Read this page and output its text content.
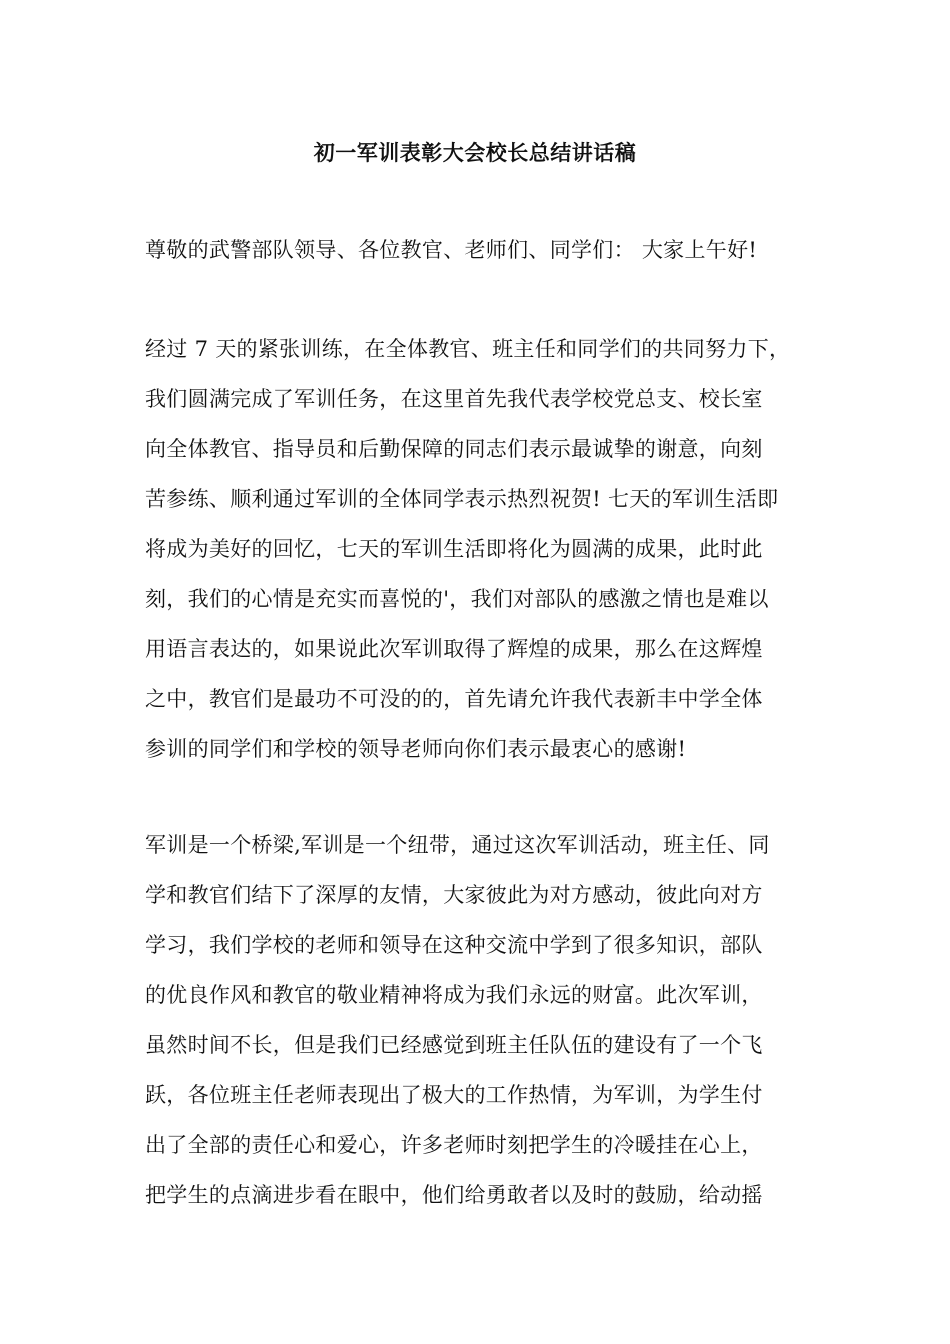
初一军训表彰大会校长总结讲话稿
尊敬的武警部队领导、各位教官、老师们、同学们： 大家上午好!
经过 7 天的紧张训练，在全体教官、班主任和同学们的共同努力下，
我们圆满完成了军训任务，在这里首先我代表学校党总支、校长室
向全体教官、指导员和后勤保障的同志们表示最诚挚的谢意，向刻
苦参练、顺利通过军训的全体同学表示热烈祝贺! 七天的军训生活即
将成为美好的回忆，七天的军训生活即将化为圆满的成果，此时此
刻，我们的心情是充实而喜悦的'，我们对部队的感激之情也是难以
用语言表达的，如果说此次军训取得了辉煌的成果，那么在这辉煌
之中，教官们是最功不可没的的，首先请允许我代表新丰中学全体
参训的同学们和学校的领导老师向你们表示最衷心的感谢!
军训是一个桥梁,军训是一个纽带，通过这次军训活动，班主任、同
学和教官们结下了深厚的友情，大家彼此为对方感动，彼此向对方
学习，我们学校的老师和领导在这种交流中学到了很多知识，部队
的优良作风和教官的敬业精神将成为我们永远的财富。此次军训，
虽然时间不长，但是我们已经感觉到班主任队伍的建设有了一个飞
跃，各位班主任老师表现出了极大的工作热情，为军训，为学生付
出了全部的责任心和爱心，许多老师时刻把学生的冷暖挂在心上，
把学生的点滴进步看在眼中，他们给勇敢者以及时的鼓励，给动摇
